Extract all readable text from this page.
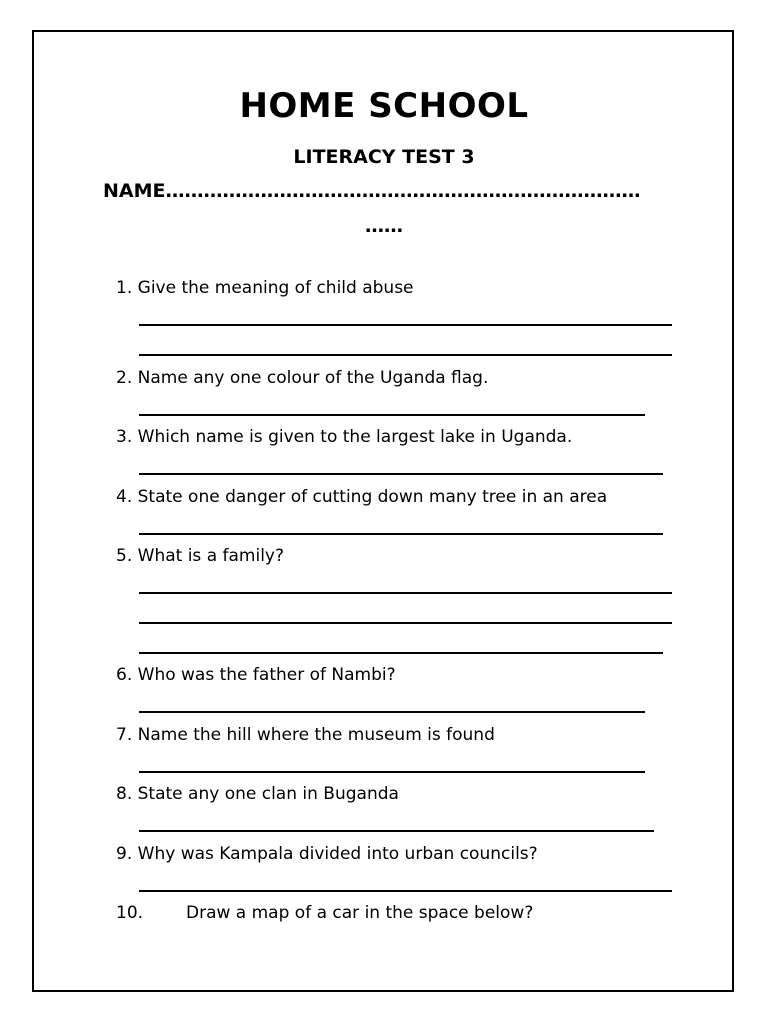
HOME SCHOOL
LITERACY TEST 3
NAME…………………………………………………………………
……
1. Give the meaning of child abuse
2. Name any one colour of the Uganda flag.
3. Which name is given to the largest lake in Uganda.
4. State one danger of cutting down many tree in an area
5. What is a family?
6. Who was the father of Nambi?
7. Name the hill where the museum is found
8. State any one clan in Buganda
9. Why was Kampala divided into urban councils?
10.	Draw a map of a car in the space below?
